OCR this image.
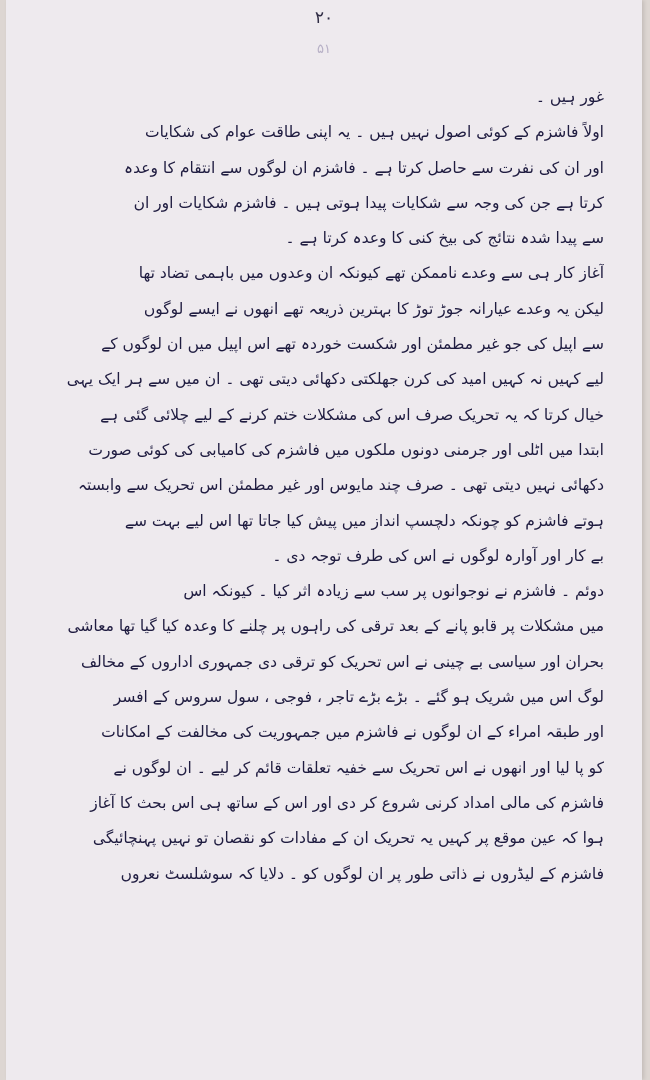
۲۰
۵۱
غور ہیں ۔
اولاً فاشزم کے کوئی اصول نہیں ہیں ۔ یہ اپنی طاقت عوام کی شکایات
اور ان کی نفرت سے حاصل کرتا ہے ۔ فاشزم ان لوگوں سے انتقام کا وعدہ
کرتا ہے جن کی وجہ سے شکایات پیدا ہوتی ہیں ۔ فاشزم شکایات اور ان
سے پیدا شدہ نتائج کی بیخ کنی کا وعدہ کرتا ہے ۔
آغاز کار ہی سے وعدے ناممکن تھے کیونکہ ان وعدوں میں باہمی تضاد تھا
لیکن یہ وعدے عیارانہ جوڑ توڑ کا بہترین ذریعہ تھے انھوں نے ایسے لوگوں
سے اپیل کی جو غیر مطمئن اور شکست خوردہ تھے اس اپیل میں ان لوگوں کے
لیے کہیں نہ کہیں امید کی کرن جھلکتی دکھائی دیتی تھی ۔ ان میں سے ہر ایک یہی
خیال کرتا کہ یہ تحریک صرف اس کی مشکلات ختم کرنے کے لیے چلائی گئی ہے
ابتدا میں اٹلی اور جرمنی دونوں ملکوں میں فاشزم کی کامیابی کی کوئی صورت
دکھائی نہیں دیتی تھی ۔ صرف چند مایوس اور غیر مطمئن اس تحریک سے وابستہ
ہوتے فاشزم کو چونکہ دلچسپ انداز میں پیش کیا جاتا تھا اس لیے بہت سے
بے کار اور آوارہ لوگوں نے اس کی طرف توجہ دی ۔
دوئم ۔ فاشزم نے نوجوانوں پر سب سے زیادہ اثر کیا ۔ کیونکہ اس
میں مشکلات پر قابو پانے کے بعد ترقی کی راہوں پر چلنے کا وعدہ کیا گیا تھا معاشی
بحران اور سیاسی بے چینی نے اس تحریک کو ترقی دی جمہوری اداروں کے مخالف
لوگ اس میں شریک ہو گئے ۔ بڑے بڑے تاجر ، فوجی ، سول سروس کے افسر
اور طبقہ امراء کے ان لوگوں نے فاشزم میں جمہوریت کی مخالفت کے امکانات
کو پا لیا اور انھوں نے اس تحریک سے خفیہ تعلقات قائم کر لیے ۔ ان لوگوں نے
فاشزم کی مالی امداد کرنی شروع کر دی اور اس کے ساتھ ہی اس بحث کا آغاز
ہوا کہ عین موقع پر کہیں یہ تحریک ان کے مفادات کو نقصان تو نہیں پہنچائیگی
فاشزم کے لیڈروں نے ذاتی طور پر ان لوگوں کو ۔ دلایا کہ سوشلسٹ نعروں
